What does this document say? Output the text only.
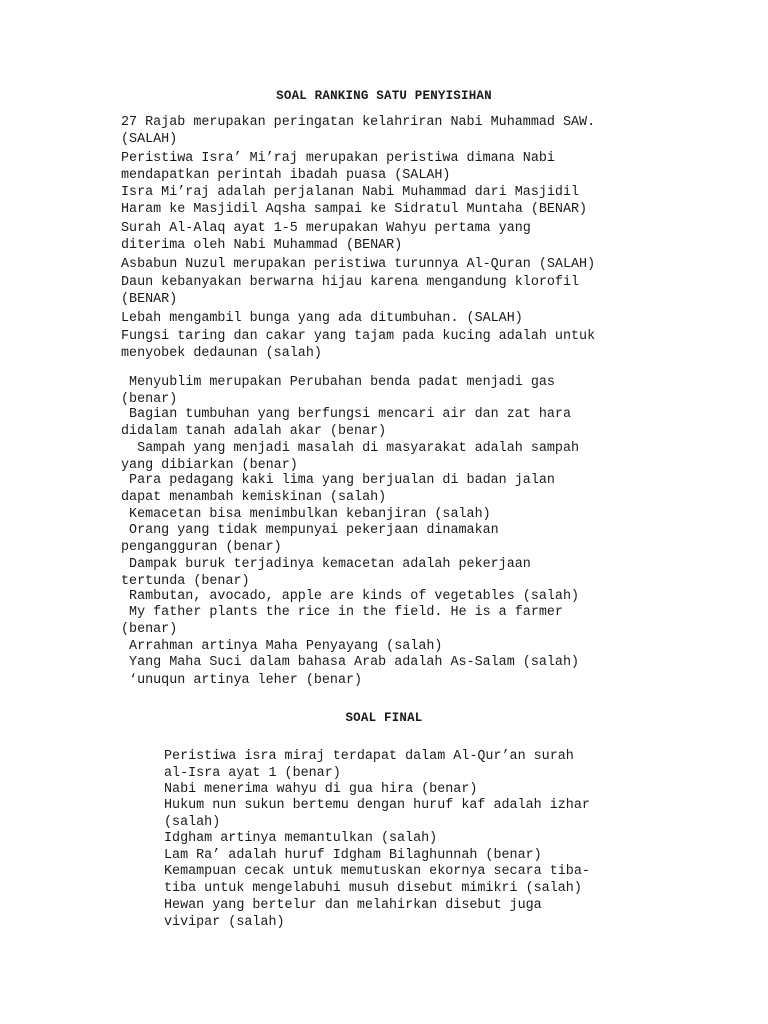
SOAL RANKING SATU PENYISIHAN
27 Rajab merupakan peringatan kelahriran Nabi Muhammad SAW.
(SALAH)
Peristiwa Isra’ Mi’raj merupakan peristiwa dimana Nabi
mendapatkan perintah ibadah puasa (SALAH)
Isra Mi’raj adalah perjalanan Nabi Muhammad dari Masjidil
Haram ke Masjidil Aqsha sampai ke Sidratul Muntaha (BENAR)
Surah Al-Alaq ayat 1-5 merupakan Wahyu pertama yang
diterima oleh Nabi Muhammad (BENAR)
Asbabun Nuzul merupakan peristiwa turunnya Al-Quran (SALAH)
Daun kebanyakan berwarna hijau karena mengandung klorofil
(BENAR)
Lebah mengambil bunga yang ada ditumbuhan. (SALAH)
Fungsi taring dan cakar yang tajam pada kucing adalah untuk
menyobek dedaunan (salah)
Menyublim merupakan Perubahan benda padat menjadi gas
(benar)
Bagian tumbuhan yang berfungsi mencari air dan zat hara
didalam tanah adalah akar (benar)
Sampah yang menjadi masalah di masyarakat adalah sampah
yang dibiarkan (benar)
Para pedagang kaki lima yang berjualan di badan jalan
dapat menambah kemiskinan (salah)
Kemacetan bisa menimbulkan kebanjiran (salah)
Orang yang tidak mempunyai pekerjaan dinamakan
pengangguran (benar)
Dampak buruk terjadinya kemacetan adalah pekerjaan
tertunda (benar)
Rambutan, avocado, apple are kinds of vegetables (salah)
My father plants the rice in the field. He is a farmer
(benar)
Arrahman artinya Maha Penyayang (salah)
Yang Maha Suci dalam bahasa Arab adalah As-Salam (salah)
‘unuqun artinya leher (benar)
SOAL FINAL
Peristiwa isra miraj terdapat dalam Al-Qur’an surah
al-Isra ayat 1 (benar)
Nabi menerima wahyu di gua hira (benar)
Hukum nun sukun bertemu dengan huruf kaf adalah izhar
(salah)
Idgham artinya memantulkan (salah)
Lam Ra’ adalah huruf Idgham Bilaghunnah (benar)
Kemampuan cecak untuk memutuskan ekornya secara tiba-
tiba untuk mengelabuhi musuh disebut mimikri (salah)
Hewan yang bertelur dan melahirkan disebut juga
vivipar (salah)
